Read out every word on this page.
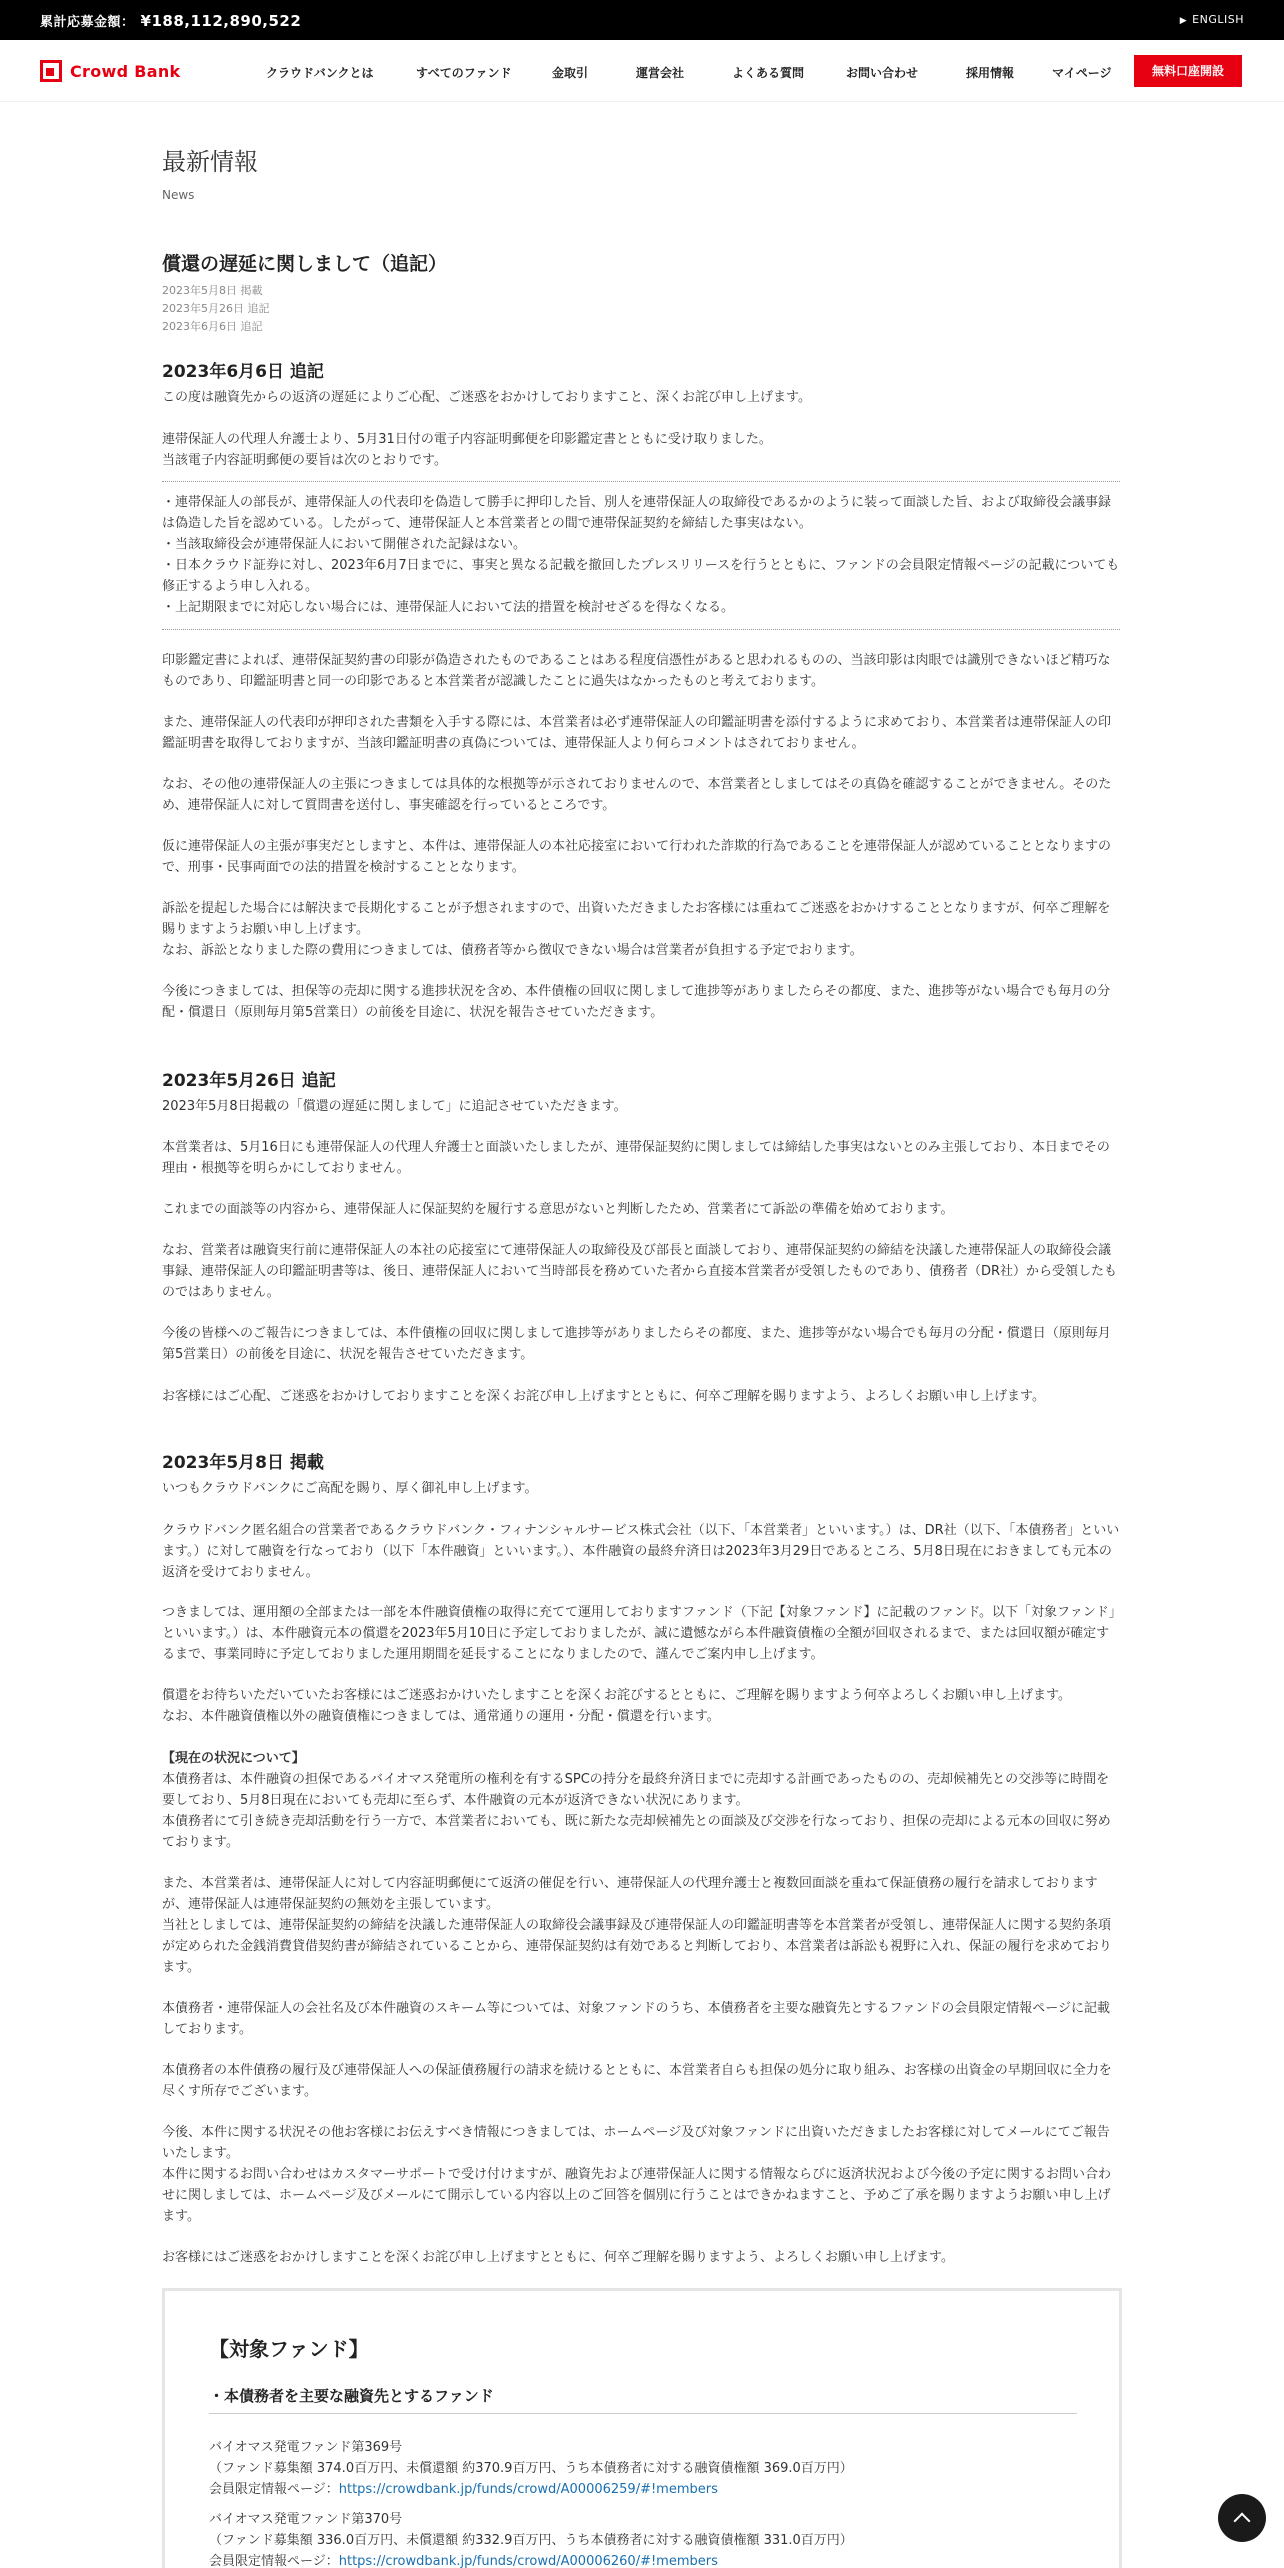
累計応募金額： ¥188,112,890,522	▶ ENGLISH
Crowd Bank	クラウドバンクとは	すべてのファンド	金取引	運営会社	よくある質問	お問い合わせ	採用情報	マイページ	無料口座開設
最新情報
News
償還の遅延に関しまして（追記）
2023年5月8日 掲載
2023年5月26日 追記
2023年6月6日 追記
2023年6月6日 追記
この度は融資先からの返済の遅延によりご心配、ご迷惑をおかけしておりますこと、深くお詫び申し上げます。
連帯保証人の代理人弁護士より、5月31日付の電子内容証明郵便を印影鑑定書とともに受け取りました。
当該電子内容証明郵便の要旨は次のとおりです。
・連帯保証人の部長が、連帯保証人の代表印を偽造して勝手に押印した旨、別人を連帯保証人の取締役であるかのように装って面談した旨、および取締役会議事録は偽造した旨を認めている。したがって、連帯保証人と本営業者との間で連帯保証契約を締結した事実はない。
・当該取締役会が連帯保証人において開催された記録はない。
・日本クラウド証券に対し、2023年6月7日までに、事実と異なる記載を撤回したプレスリリースを行うとともに、ファンドの会員限定情報ページの記載についても修正するよう申し入れる。
・上記期限までに対応しない場合には、連帯保証人において法的措置を検討せざるを得なくなる。
印影鑑定書によれば、連帯保証契約書の印影が偽造されたものであることはある程度信憑性があると思われるものの、当該印影は肉眼では識別できないほど精巧なものであり、印鑑証明書と同一の印影であると本営業者が認識したことに過失はなかったものと考えております。
また、連帯保証人の代表印が押印された書類を入手する際には、本営業者は必ず連帯保証人の印鑑証明書を添付するように求めており、本営業者は連帯保証人の印鑑証明書を取得しておりますが、当該印鑑証明書の真偽については、連帯保証人より何らコメントはされておりません。
なお、その他の連帯保証人の主張につきましては具体的な根拠等が示されておりませんので、本営業者としましてはその真偽を確認することができません。そのため、連帯保証人に対して質問書を送付し、事実確認を行っているところです。
仮に連帯保証人の主張が事実だとしますと、本件は、連帯保証人の本社応接室において行われた詐欺的行為であることを連帯保証人が認めていることとなりますので、刑事・民事両面での法的措置を検討することとなります。
訴訟を提起した場合には解決まで長期化することが予想されますので、出資いただきましたお客様には重ねてご迷惑をおかけすることとなりますが、何卒ご理解を賜りますようお願い申し上げます。
なお、訴訟となりました際の費用につきましては、債務者等から徴収できない場合は営業者が負担する予定でおります。
今後につきましては、担保等の売却に関する進捗状況を含め、本件債権の回収に関しまして進捗等がありましたらその都度、また、進捗等がない場合でも毎月の分配・償還日（原則毎月第5営業日）の前後を目途に、状況を報告させていただきます。
2023年5月26日 追記
2023年5月8日掲載の「償還の遅延に関しまして」に追記させていただきます。
本営業者は、5月16日にも連帯保証人の代理人弁護士と面談いたしましたが、連帯保証契約に関しましては締結した事実はないとのみ主張しており、本日までその理由・根拠等を明らかにしておりません。
これまでの面談等の内容から、連帯保証人に保証契約を履行する意思がないと判断したため、営業者にて訴訟の準備を始めております。
なお、営業者は融資実行前に連帯保証人の本社の応接室にて連帯保証人の取締役及び部長と面談しており、連帯保証契約の締結を決議した連帯保証人の取締役会議事録、連帯保証人の印鑑証明書等は、後日、連帯保証人において当時部長を務めていた者から直接本営業者が受領したものであり、債務者（DR社）から受領したものではありません。
今後の皆様へのご報告につきましては、本件債権の回収に関しまして進捗等がありましたらその都度、また、進捗等がない場合でも毎月の分配・償還日（原則毎月第5営業日）の前後を目途に、状況を報告させていただきます。
お客様にはご心配、ご迷惑をおかけしておりますことを深くお詫び申し上げますとともに、何卒ご理解を賜りますよう、よろしくお願い申し上げます。
2023年5月8日 掲載
いつもクラウドバンクにご高配を賜り、厚く御礼申し上げます。
クラウドバンク匿名組合の営業者であるクラウドバンク・フィナンシャルサービス株式会社（以下、「本営業者」といいます。）は、DR社（以下、「本債務者」といいます。）に対して融資を行なっており（以下「本件融資」といいます。）、本件融資の最終弁済日は2023年3月29日であるところ、5月8日現在におきましても元本の返済を受けておりません。
つきましては、運用額の全部または一部を本件融資債権の取得に充てて運用しておりますファンド（下記【対象ファンド】に記載のファンド。以下「対象ファンド」といいます。）は、本件融資元本の償還を2023年5月10日に予定しておりましたが、誠に遺憾ながら本件融資債権の全額が回収されるまで、または回収額が確定するまで、事業同時に予定しておりました運用期間を延長することになりましたので、謹んでご案内申し上げます。
償還をお待ちいただいていたお客様にはご迷惑おかけいたしますことを深くお詫びするとともに、ご理解を賜りますよう何卒よろしくお願い申し上げます。
なお、本件融資債権以外の融資債権につきましては、通常通りの運用・分配・償還を行います。
【現在の状況について】
本債務者は、本件融資の担保であるバイオマス発電所の権利を有するSPCの持分を最終弁済日までに売却する計画であったものの、売却候補先との交渉等に時間を要しており、5月8日現在においても売却に至らず、本件融資の元本が返済できない状況にあります。
本債務者にて引き続き売却活動を行う一方で、本営業者においても、既に新たな売却候補先との面談及び交渉を行なっており、担保の売却による元本の回収に努めております。
また、本営業者は、連帯保証人に対して内容証明郵便にて返済の催促を行い、連帯保証人の代理弁護士と複数回面談を重ねて保証債務の履行を請求しておりますが、連帯保証人は連帯保証契約の無効を主張しています。
当社としましては、連帯保証契約の締結を決議した連帯保証人の取締役会議事録及び連帯保証人の印鑑証明書等を本営業者が受領し、連帯保証人に関する契約条項が定められた金銭消費貸借契約書が締結されていることから、連帯保証契約は有効であると判断しており、本営業者は訴訟も視野に入れ、保証の履行を求めております。
本債務者・連帯保証人の会社名及び本件融資のスキーム等については、対象ファンドのうち、本債務者を主要な融資先とするファンドの会員限定情報ページに記載しております。
本債務者の本件債務の履行及び連帯保証人への保証債務履行の請求を続けるとともに、本営業者自らも担保の処分に取り組み、お客様の出資金の早期回収に全力を尽くす所存でございます。
今後、本件に関する状況その他お客様にお伝えすべき情報につきましては、ホームページ及び対象ファンドに出資いただきましたお客様に対してメールにてご報告いたします。
本件に関するお問い合わせはカスタマーサポートで受け付けますが、融資先および連帯保証人に関する情報ならびに返済状況および今後の予定に関するお問い合わせに関しましては、ホームページ及びメールにて開示している内容以上のご回答を個別に行うことはできかねますこと、予めご了承を賜りますようお願い申し上げます。
お客様にはご迷惑をおかけしますことを深くお詫び申し上げますとともに、何卒ご理解を賜りますよう、よろしくお願い申し上げます。
【対象ファンド】
・本債務者を主要な融資先とするファンド
バイオマス発電ファンド第369号
（ファンド募集額 374.0百万円、未償還額 約370.9百万円、うち本債務者に対する融資債権額 369.0百万円）
会員限定情報ページ：https://crowdbank.jp/funds/crowd/A00006259/#!members
バイオマス発電ファンド第370号
（ファンド募集額 336.0百万円、未償還額 約332.9百万円、うち本債務者に対する融資債権額 331.0百万円）
会員限定情報ページ：https://crowdbank.jp/funds/crowd/A00006260/#!members
